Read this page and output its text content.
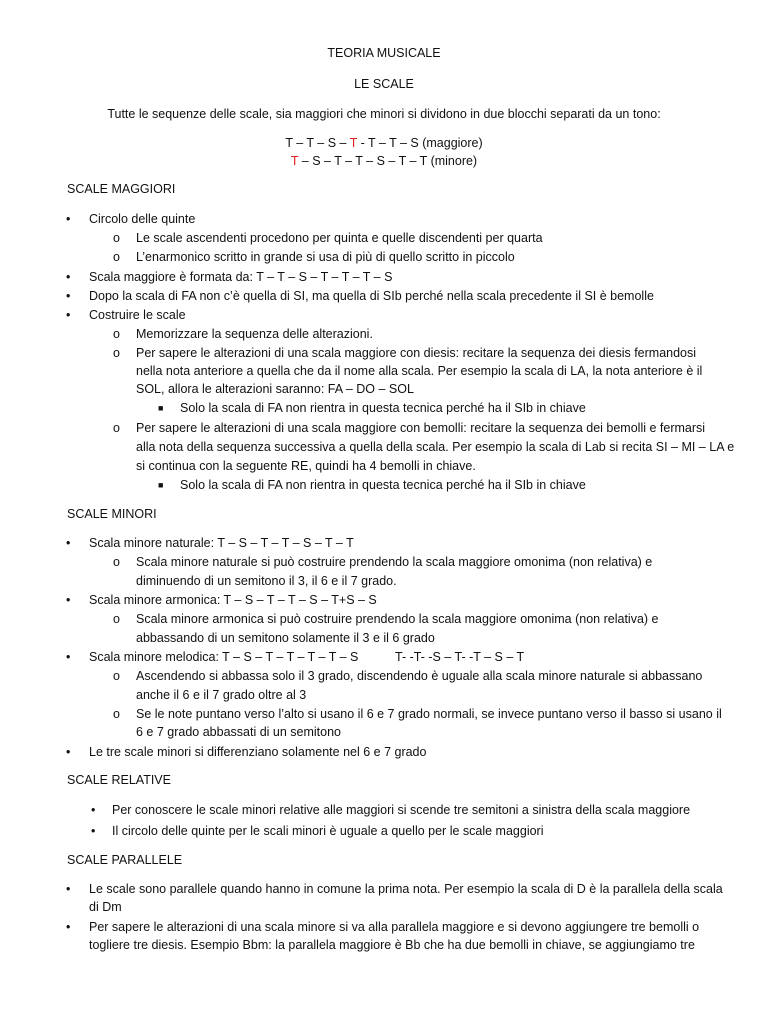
TEORIA MUSICALE
LE SCALE
Tutte le sequenze delle scale, sia maggiori che minori si dividono in due blocchi separati da un tono:
T – T – S – T - T – T – S (maggiore)
T – S – T – T – S – T – T (minore)
SCALE MAGGIORI
• Circolo delle quinte
o Le scale ascendenti procedono per quinta e quelle discendenti per quarta
o L’enarmonico scritto in grande si usa di più di quello scritto in piccolo
• Scala maggiore è formata da: T – T – S – T – T – T – S
• Dopo la scala di FA non c’è quella di SI, ma quella di SIb perché nella scala precedente il SI è bemolle
• Costruire le scale
o Memorizzare la sequenza delle alterazioni.
o Per sapere le alterazioni di una scala maggiore con diesis: recitare la sequenza dei diesis fermandosi
nella nota anteriore a quella che da il nome alla scala. Per esempio la scala di LA, la nota anteriore è il
SOL, allora le alterazioni saranno: FA – DO – SOL
■ Solo la scala di FA non rientra in questa tecnica perché ha il SIb in chiave
o Per sapere le alterazioni di una scala maggiore con bemolli: recitare la sequenza dei bemolli e fermarsi
alla nota della sequenza successiva a quella della scala. Per esempio la scala di Lab si recita SI – MI – LA e
si continua con la seguente RE, quindi ha 4 bemolli in chiave.
■ Solo la scala di FA non rientra in questa tecnica perché ha il SIb in chiave
SCALE MINORI
• Scala minore naturale: T – S – T – T – S – T – T
o Scala minore naturale si può costruire prendendo la scala maggiore omonima (non relativa) e
diminuendo di un semitono il 3, il 6 e il 7 grado.
• Scala minore armonica: T – S – T – T – S – T+S – S
o Scala minore armonica si può costruire prendendo la scala maggiore omonima (non relativa) e
abbassando di un semitono solamente il 3 e il 6 grado
• Scala minore melodica: T – S – T – T – T – T – S	T- -T- -S – T- -T – S – T
o Ascendendo si abbassa solo il 3 grado, discendendo è uguale alla scala minore naturale si abbassano
anche il 6 e il 7 grado oltre al 3
o Se le note puntano verso l’alto si usano il 6 e 7 grado normali, se invece puntano verso il basso si usano il
6 e 7 grado abbassati di un semitono
• Le tre scale minori si differenziano solamente nel 6 e 7 grado
SCALE RELATIVE
• Per conoscere le scale minori relative alle maggiori si scende tre semitoni a sinistra della scala maggiore
• Il circolo delle quinte per le scali minori è uguale a quello per le scale maggiori
SCALE PARALLELE
• Le scale sono parallele quando hanno in comune la prima nota. Per esempio la scala di D è la parallela della scala
di Dm
• Per sapere le alterazioni di una scala minore si va alla parallela maggiore e si devono aggiungere tre bemolli o
togliere tre diesis. Esempio Bbm: la parallela maggiore è Bb che ha due bemolli in chiave, se aggiungiamo tre
